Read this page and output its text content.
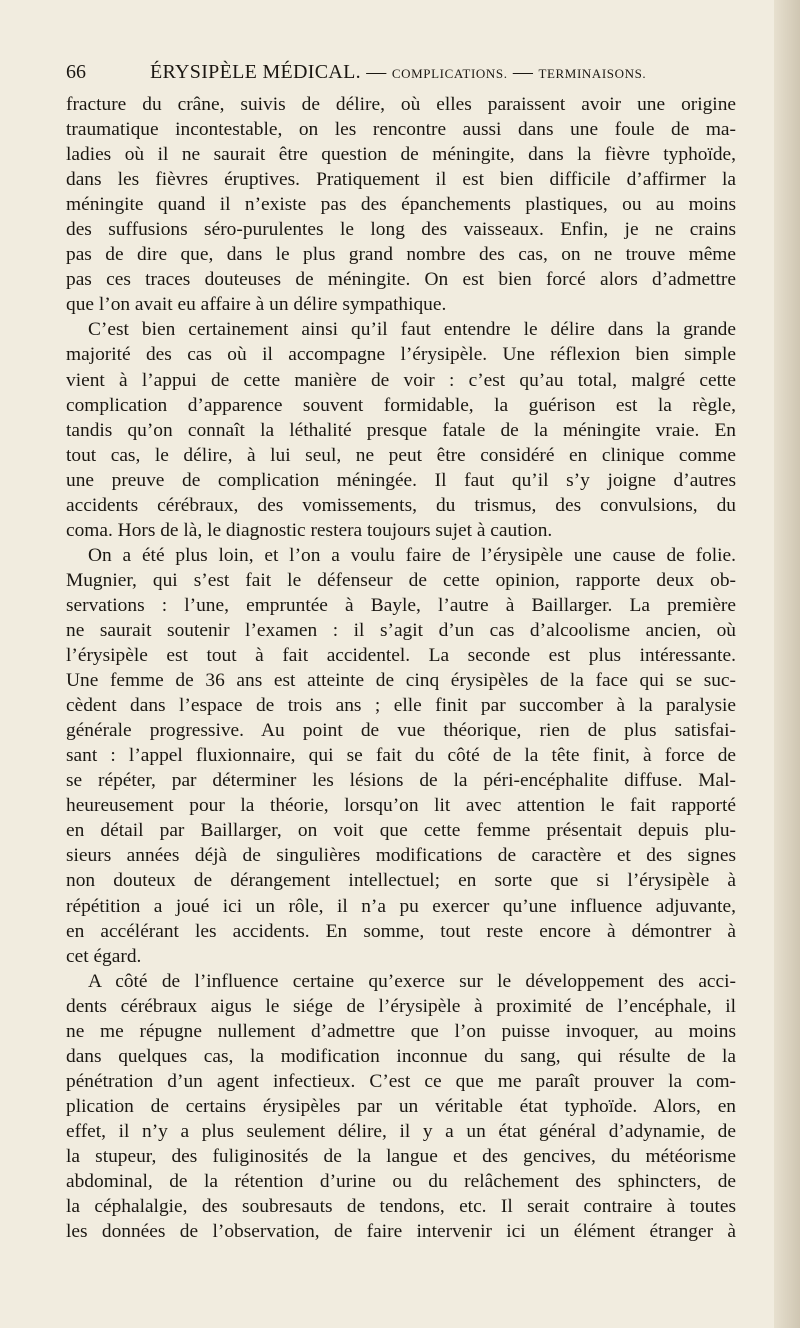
66	ÉRYSIPÈLE MÉDICAL. — COMPLICATIONS. — TERMINAISONS.
fracture du crâne, suivis de délire, où elles paraissent avoir une origine
traumatique incontestable, on les rencontre aussi dans une foule de ma-
ladies où il ne saurait être question de méningite, dans la fièvre typhoïde,
dans les fièvres éruptives. Pratiquement il est bien difficile d’affirmer la
méningite quand il n’existe pas des épanchements plastiques, ou au moins
des suffusions séro-purulentes le long des vaisseaux. Enfin, je ne crains
pas de dire que, dans le plus grand nombre des cas, on ne trouve même
pas ces traces douteuses de méningite. On est bien forcé alors d’admettre
que l’on avait eu affaire à un délire sympathique.
C’est bien certainement ainsi qu’il faut entendre le délire dans la grande
majorité des cas où il accompagne l’érysipèle. Une réflexion bien simple
vient à l’appui de cette manière de voir : c’est qu’au total, malgré cette
complication d’apparence souvent formidable, la guérison est la règle,
tandis qu’on connaît la léthalité presque fatale de la méningite vraie. En
tout cas, le délire, à lui seul, ne peut être considéré en clinique comme
une preuve de complication méningée. Il faut qu’il s’y joigne d’autres
accidents cérébraux, des vomissements, du trismus, des convulsions, du
coma. Hors de là, le diagnostic restera toujours sujet à caution.
On a été plus loin, et l’on a voulu faire de l’érysipèle une cause de folie.
Mugnier, qui s’est fait le défenseur de cette opinion, rapporte deux ob-
servations : l’une, empruntée à Bayle, l’autre à Baillarger. La première
ne saurait soutenir l’examen : il s’agit d’un cas d’alcoolisme ancien, où
l’érysipèle est tout à fait accidentel. La seconde est plus intéressante.
Une femme de 36 ans est atteinte de cinq érysipèles de la face qui se suc-
cèdent dans l’espace de trois ans ; elle finit par succomber à la paralysie
générale progressive. Au point de vue théorique, rien de plus satisfai-
sant : l’appel fluxionnaire, qui se fait du côté de la tête finit, à force de
se répéter, par déterminer les lésions de la péri-encéphalite diffuse. Mal-
heureusement pour la théorie, lorsqu’on lit avec attention le fait rapporté
en détail par Baillarger, on voit que cette femme présentait depuis plu-
sieurs années déjà de singulières modifications de caractère et des signes
non douteux de dérangement intellectuel; en sorte que si l’érysipèle à
répétition a joué ici un rôle, il n’a pu exercer qu’une influence adjuvante,
en accélérant les accidents. En somme, tout reste encore à démontrer à
cet égard.
A côté de l’influence certaine qu’exerce sur le développement des acci-
dents cérébraux aigus le siége de l’érysipèle à proximité de l’encéphale, il
ne me répugne nullement d’admettre que l’on puisse invoquer, au moins
dans quelques cas, la modification inconnue du sang, qui résulte de la
pénétration d’un agent infectieux. C’est ce que me paraît prouver la com-
plication de certains érysipèles par un véritable état typhoïde. Alors, en
effet, il n’y a plus seulement délire, il y a un état général d’adynamie, de
la stupeur, des fuliginosités de la langue et des gencives, du météorisme
abdominal, de la rétention d’urine ou du relâchement des sphincters, de
la céphalalgie, des soubresauts de tendons, etc. Il serait contraire à toutes
les données de l’observation, de faire intervenir ici un élément étranger à
